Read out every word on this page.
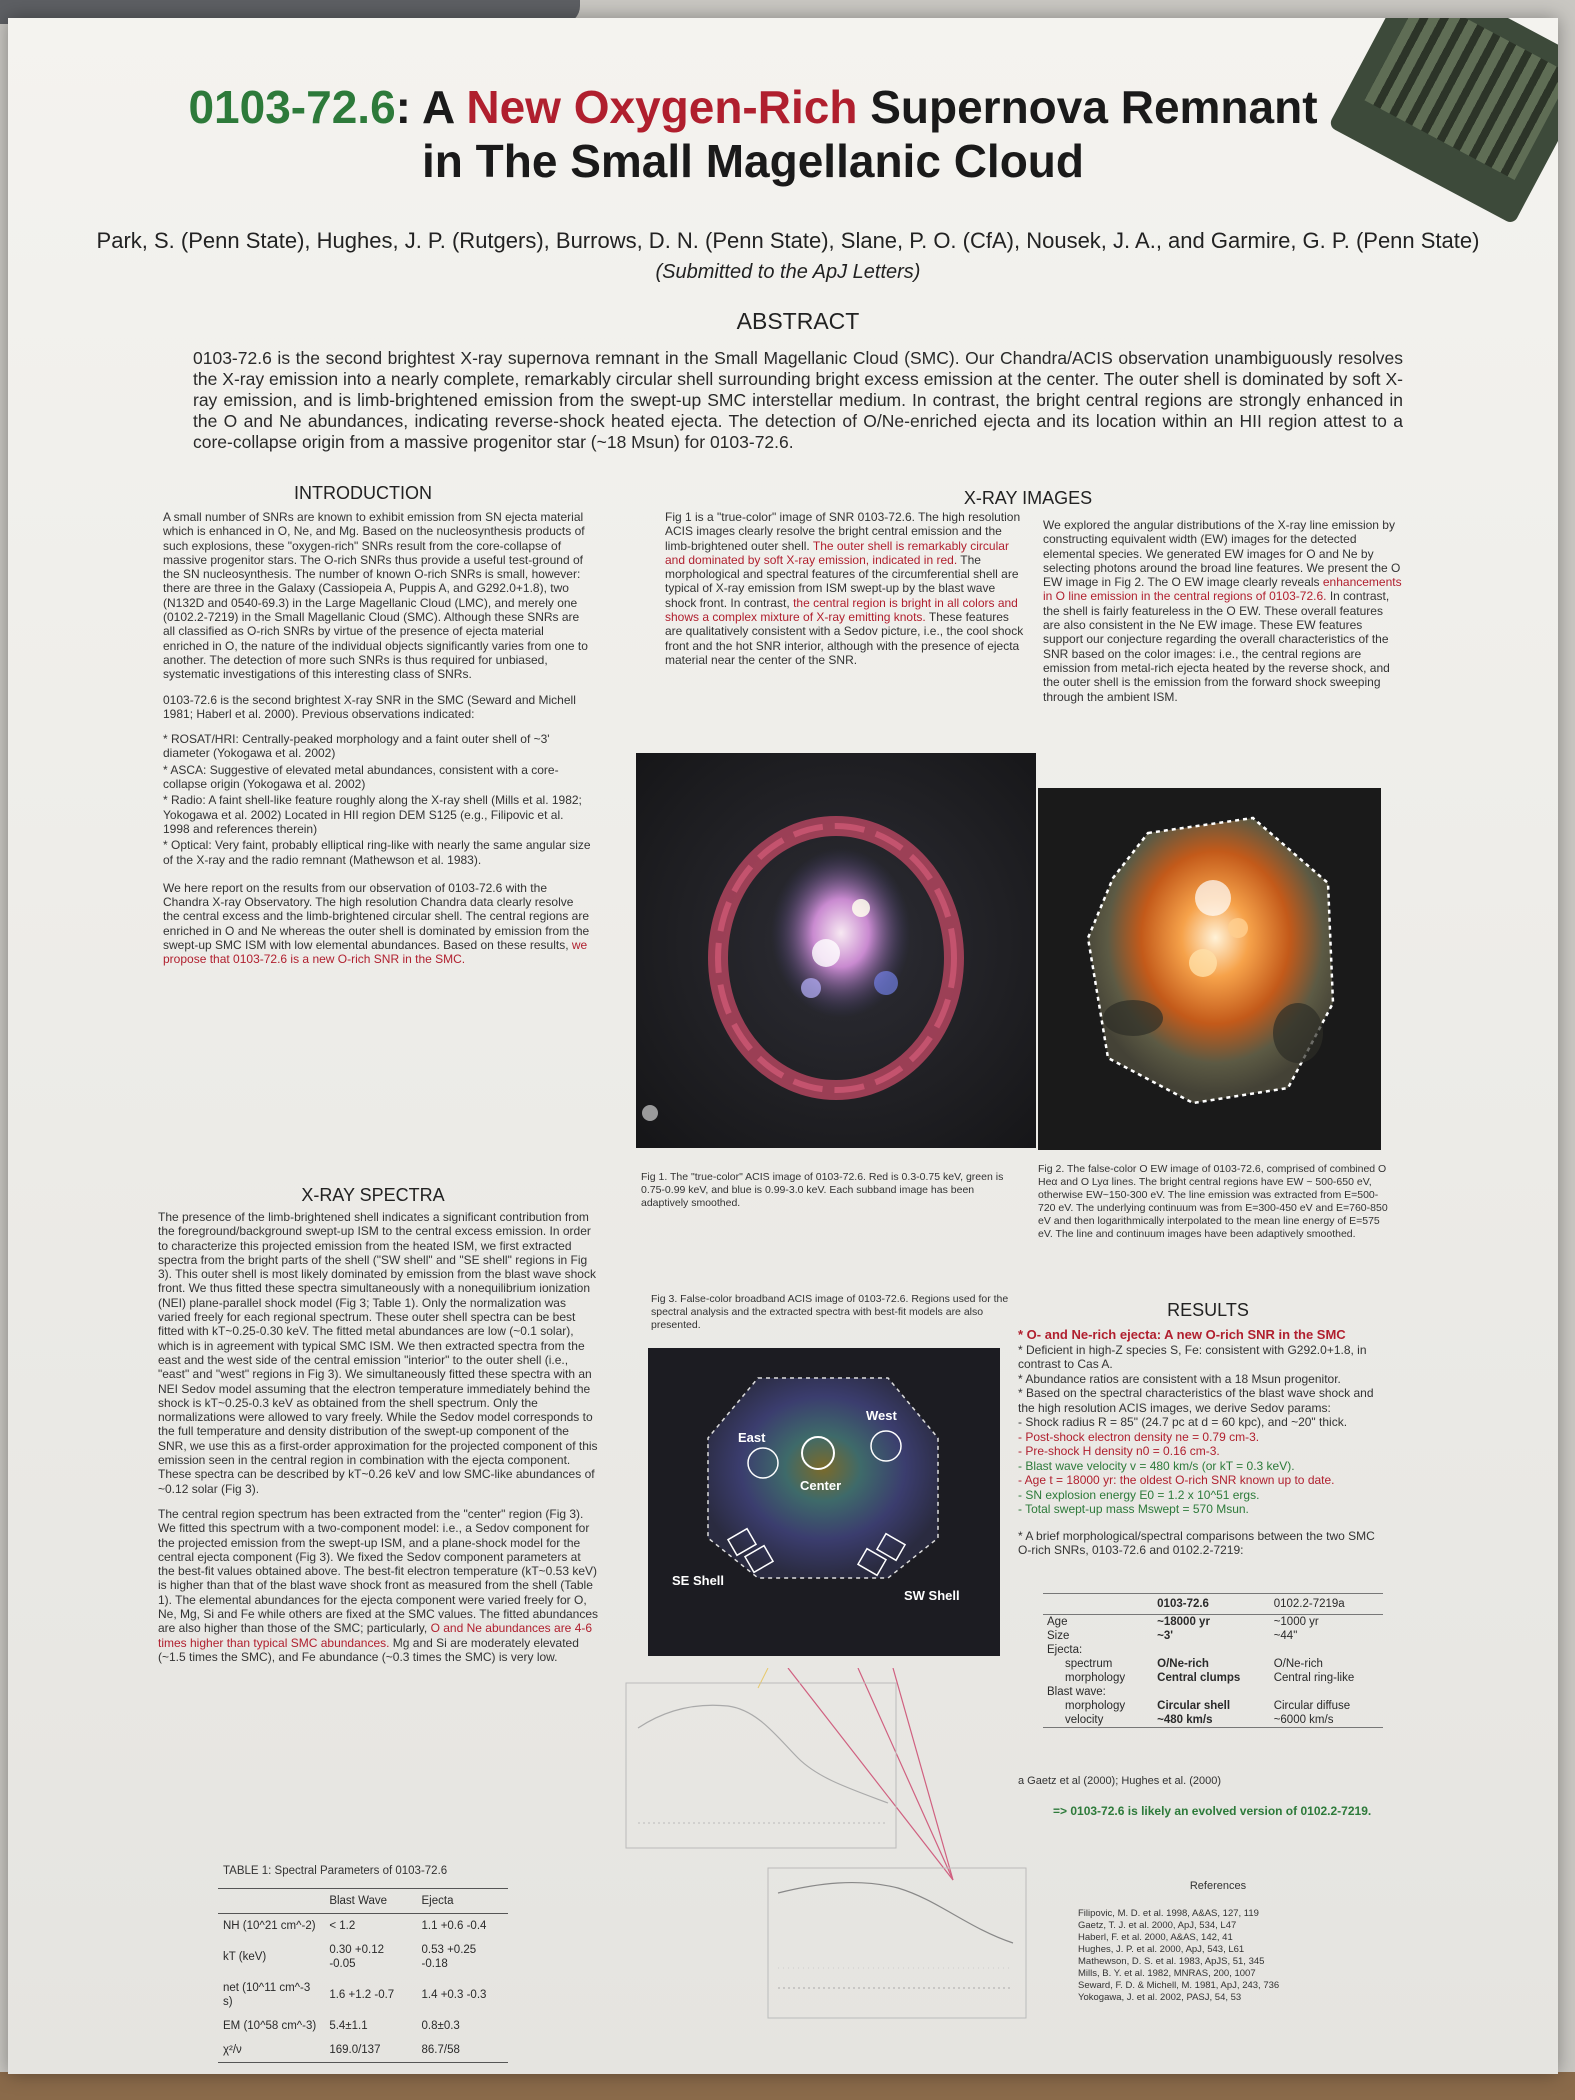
0103-72.6: A New Oxygen-Rich Supernova Remnant
in The Small Magellanic Cloud
Park, S. (Penn State), Hughes, J. P. (Rutgers), Burrows, D. N. (Penn State), Slane, P. O. (CfA), Nousek, J. A., and Garmire, G. P. (Penn State)
(Submitted to the ApJ Letters)
ABSTRACT
0103-72.6 is the second brightest X-ray supernova remnant in the Small Magellanic Cloud (SMC). Our Chandra/ACIS observation unambiguously resolves the X-ray emission into a nearly complete, remarkably circular shell surrounding bright excess emission at the center. The outer shell is dominated by soft X-ray emission, and is limb-brightened emission from the swept-up SMC interstellar medium. In contrast, the bright central regions are strongly enhanced in the O and Ne abundances, indicating reverse-shock heated ejecta. The detection of O/Ne-enriched ejecta and its location within an HII region attest to a core-collapse origin from a massive progenitor star (~18 Msun) for 0103-72.6.
INTRODUCTION

A small number of SNRs are known to exhibit emission from SN ejecta material which is enhanced in O, Ne, and Mg. Based on the nucleosynthesis products of such explosions, these "oxygen-rich" SNRs result from the core-collapse of massive progenitor stars. The O-rich SNRs thus provide a useful test-ground of the SN nucleosynthesis. The number of known O-rich SNRs is small, however: there are three in the Galaxy (Cassiopeia A, Puppis A, and G292.0+1.8), two (N132D and 0540-69.3) in the Large Magellanic Cloud (LMC), and merely one (0102.2-7219) in the Small Magellanic Cloud (SMC). Although these SNRs are all classified as O-rich SNRs by virtue of the presence of ejecta material enriched in O, the nature of the individual objects significantly varies from one to another. The detection of more such SNRs is thus required for unbiased, systematic investigations of this interesting class of SNRs.

0103-72.6 is the second brightest X-ray SNR in the SMC (Seward and Michell 1981; Haberl et al. 2000). Previous observations indicated:

* ROSAT/HRI: Centrally-peaked morphology and a faint outer shell of ~3' diameter (Yokogawa et al. 2002)
* ASCA: Suggestive of elevated metal abundances, consistent with a core-collapse origin (Yokogawa et al. 2002)
* Radio: A faint shell-like feature roughly along the X-ray shell (Mills et al. 1982; Yokogawa et al. 2002) Located in HII region DEM S125 (e.g., Filipovic et al. 1998 and references therein)
* Optical: Very faint, probably elliptical ring-like with nearly the same angular size of the X-ray and the radio remnant (Mathewson et al. 1983).

We here report on the results from our observation of 0103-72.6 with the Chandra X-ray Observatory. The high resolution Chandra data clearly resolve the central excess and the limb-brightened circular shell. The central regions are enriched in O and Ne whereas the outer shell is dominated by emission from the swept-up SMC ISM with low elemental abundances. Based on these results, we propose that 0103-72.6 is a new O-rich SNR in the SMC.

X-RAY SPECTRA

The presence of the limb-brightened shell indicates a significant contribution from the foreground/background swept-up ISM to the central excess emission. In order to characterize this projected emission from the heated ISM, we first extracted spectra from the bright parts of the shell ("SW shell" and "SE shell" regions in Fig 3). This outer shell is most likely dominated by emission from the blast wave shock front. We thus fitted these spectra simultaneously with a nonequilibrium ionization (NEI) plane-parallel shock model (Fig 3; Table 1). Only the normalization was varied freely for each regional spectrum. These outer shell spectra can be best fitted with kT~0.25-0.30 keV. The fitted metal abundances are low (~0.1 solar), which is in agreement with typical SMC ISM. We then extracted spectra from the east and the west side of the central emission "interior" to the outer shell (i.e., "east" and "west" regions in Fig 3). We simultaneously fitted these spectra with an NEI Sedov model assuming that the electron temperature immediately behind the shock is kT~0.25-0.3 keV as obtained from the shell spectrum. Only the normalizations were allowed to vary freely. While the Sedov model corresponds to the full temperature and density distribution of the swept-up component of the SNR, we use this as a first-order approximation for the projected component of this emission seen in the central region in combination with the ejecta component. These spectra can be described by kT~0.26 keV and low SMC-like abundances of ~0.12 solar (Fig 3).

The central region spectrum has been extracted from the "center" region (Fig 3). We fitted this spectrum with a two-component model: i.e., a Sedov component for the projected emission from the swept-up ISM, and a plane-shock model for the central ejecta component (Fig 3). We fixed the Sedov component parameters at the best-fit values obtained above. The best-fit electron temperature (kT~0.53 keV) is higher than that of the blast wave shock front as measured from the shell (Table 1). The elemental abundances for the ejecta component were varied freely for O, Ne, Mg, Si and Fe while others are fixed at the SMC values. The fitted abundances are also higher than those of the SMC; particularly, O and Ne abundances are 4-6 times higher than typical SMC abundances. Mg and Si are moderately elevated (~1.5 times the SMC), and Fe abundance (~0.3 times the SMC) is very low.

TABLE 1: Spectral Parameters of 0103-72.6
	Blast Wave	Ejecta
NH (10^21 cm^-2)	< 1.2	1.1 +0.6 -0.4
kT (keV)	0.30 +0.12 -0.05	0.53 +0.25 -0.18
net (10^11 cm^-3 s)	1.6 +1.2 -0.7	1.4 +0.3 -0.3
EM (10^58 cm^-3)	5.4±1.1	0.8±0.3
χ²/ν	169.0/137	86.7/58
X-RAY IMAGES
Fig 1 is a "true-color" image of SNR 0103-72.6. The high resolution ACIS images clearly resolve the bright central emission and the limb-brightened outer shell. The outer shell is remarkably circular and dominated by soft X-ray emission, indicated in red. The morphological and spectral features of the circumferential shell are typical of X-ray emission from ISM swept-up by the blast wave shock front. In contrast, the central region is bright in all colors and shows a complex mixture of X-ray emitting knots. These features are qualitatively consistent with a Sedov picture, i.e., the cool shock front and the hot SNR interior, although with the presence of ejecta material near the center of the SNR.
We explored the angular distributions of the X-ray line emission by constructing equivalent width (EW) images for the detected elemental species. We generated EW images for O and Ne by selecting photons around the broad line features. We present the O EW image in Fig 2. The O EW image clearly reveals enhancements in O line emission in the central regions of 0103-72.6. In contrast, the shell is fairly featureless in the O EW. These overall features are also consistent in the Ne EW image. These EW features support our conjecture regarding the overall characteristics of the SNR based on the color images: i.e., the central regions are emission from metal-rich ejecta heated by the reverse shock, and the outer shell is the emission from the forward shock sweeping through the ambient ISM.
Fig 1. The "true-color" ACIS image of 0103-72.6. Red is 0.3-0.75 keV, green is 0.75-0.99 keV, and blue is 0.99-3.0 keV. Each subband image has been adaptively smoothed.
Fig 2. The false-color O EW image of 0103-72.6, comprised of combined O Heα and O Lyα lines. The bright central regions have EW ~ 500-650 eV, otherwise EW~150-300 eV. The line emission was extracted from E=500-720 eV. The underlying continuum was from E=300-450 eV and E=760-850 eV and then logarithmically interpolated to the mean line energy of E=575 eV. The line and continuum images have been adaptively smoothed.
Fig 3. False-color broadband ACIS image of 0103-72.6. Regions used for the spectral analysis and the extracted spectra with best-fit models are also presented.
East
West
Center
SE Shell
SW Shell
RESULTS
* O- and Ne-rich ejecta: A new O-rich SNR in the SMC
* Deficient in high-Z species S, Fe: consistent with G292.0+1.8, in contrast to Cas A.
* Abundance ratios are consistent with a 18 Msun progenitor.
* Based on the spectral characteristics of the blast wave shock and the high resolution ACIS images, we derive Sedov params:
- Shock radius R = 85" (24.7 pc at d = 60 kpc), and ~20" thick.
- Post-shock electron density ne = 0.79 cm-3.
- Pre-shock H density n0 = 0.16 cm-3.
- Blast wave velocity v = 480 km/s (or kT = 0.3 keV).
- Age t = 18000 yr: the oldest O-rich SNR known up to date.
- SN explosion energy E0 = 1.2 x 10^51 ergs.
- Total swept-up mass Mswept = 570 Msun.
* A brief morphological/spectral comparisons between the two SMC O-rich SNRs, 0103-72.6 and 0102.2-7219:
	0103-72.6	0102.2-7219a
Age	~18000 yr	~1000 yr
Size	~3'	~44"
Ejecta:		
spectrum	O/Ne-rich	O/Ne-rich
morphology	Central clumps	Central ring-like
Blast wave:		
morphology	Circular shell	Circular diffuse
velocity	~480 km/s	~6000 km/s
a Gaetz et al (2000); Hughes et al. (2000)
=> 0103-72.6 is likely an evolved version of 0102.2-7219.
References
Filipovic, M. D. et al. 1998, A&AS, 127, 119
Gaetz, T. J. et al. 2000, ApJ, 534, L47
Haberl, F. et al. 2000, A&AS, 142, 41
Hughes, J. P. et al. 2000, ApJ, 543, L61
Mathewson, D. S. et al. 1983, ApJS, 51, 345
Mills, B. Y. et al. 1982, MNRAS, 200, 1007
Seward, F. D. & Michell, M. 1981, ApJ, 243, 736
Yokogawa, J. et al. 2002, PASJ, 54, 53
